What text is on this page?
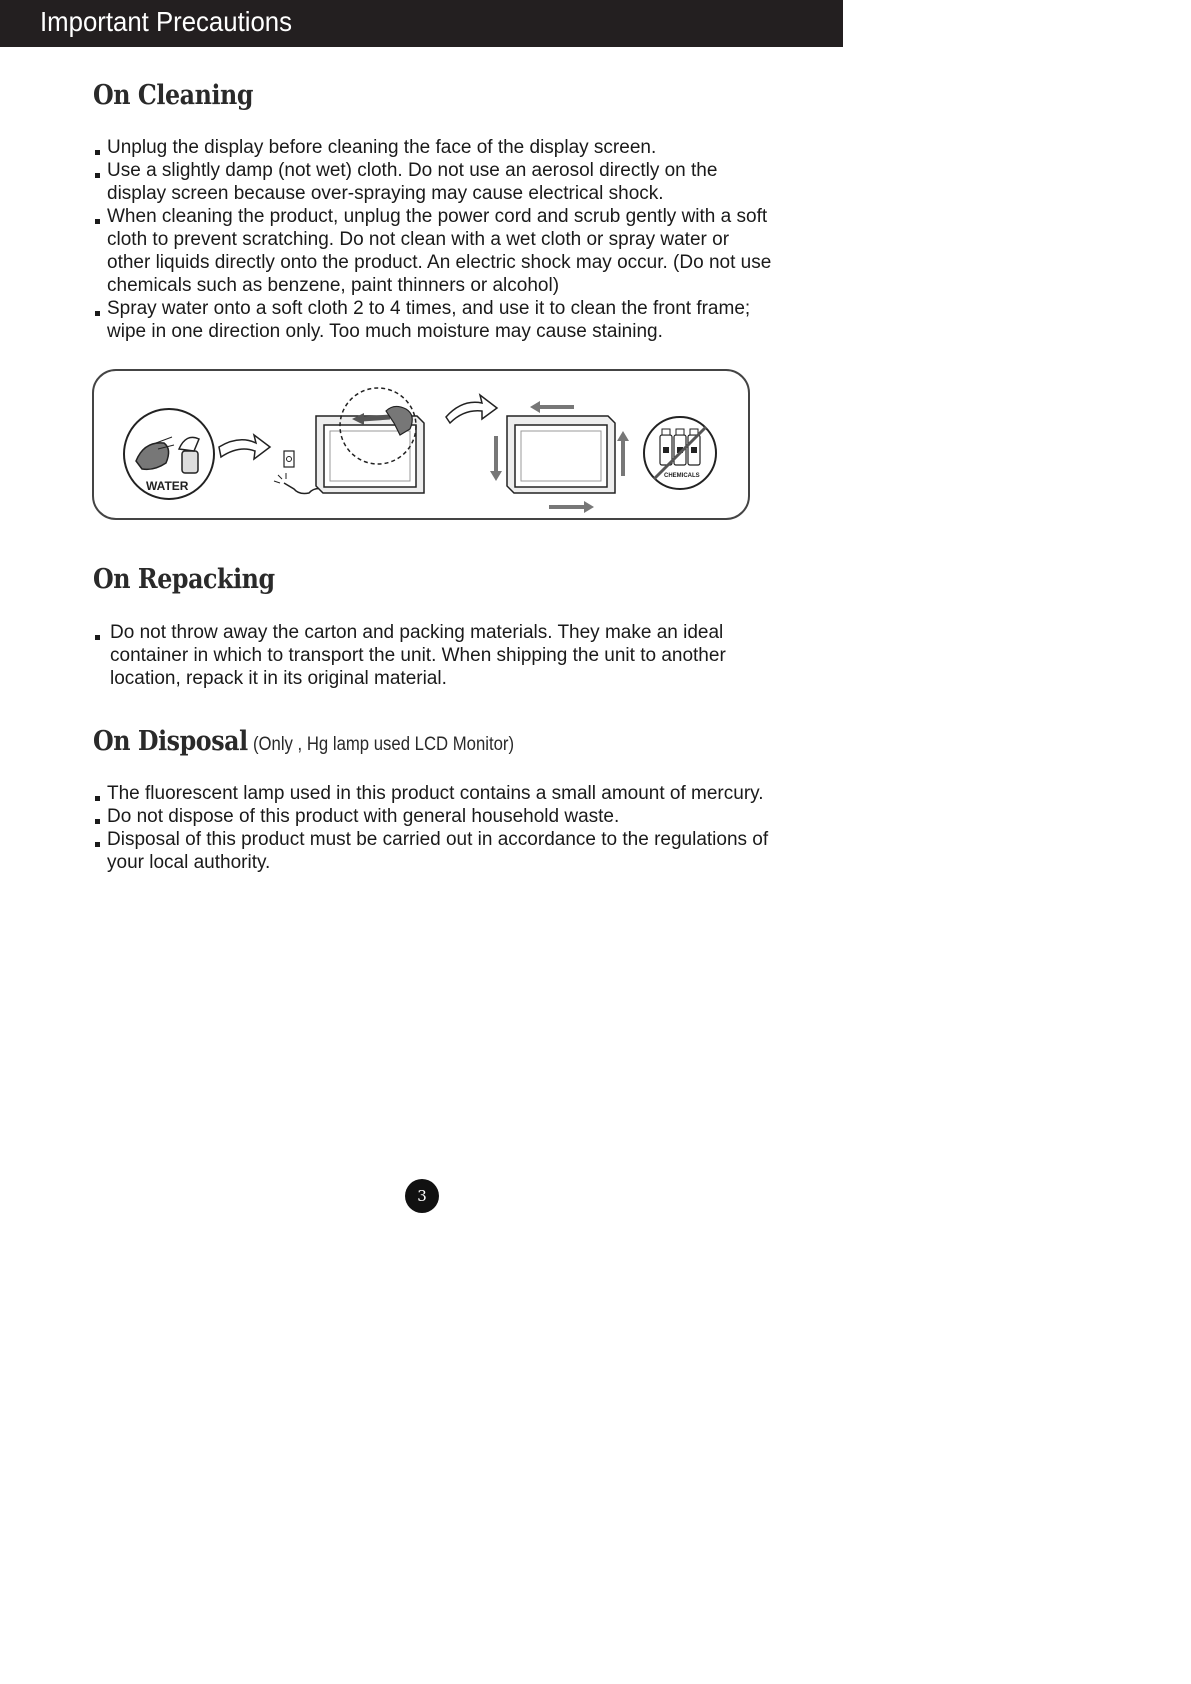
Important Precautions
On Cleaning
Unplug the display before cleaning the face of the display screen.
Use a slightly damp (not wet) cloth. Do not use an aerosol directly on the display screen because over-spraying may cause electrical shock.
When cleaning the product, unplug the power cord and scrub gently with a soft cloth to prevent scratching. Do not clean with a wet cloth or spray water or other liquids directly onto the product. An electric shock may occur. (Do not use chemicals such as benzene, paint thinners or alcohol)
Spray water onto a soft cloth 2 to 4 times, and use it to clean the front frame; wipe in one direction only. Too much moisture may cause staining.
WATER
CHEMICALS
On Repacking
Do not throw away the carton and packing materials. They make an ideal container in which to transport the unit. When shipping the unit to another location, repack it in its original material.
On Disposal (Only , Hg lamp used LCD Monitor)
The fluorescent lamp used in this product contains a small amount of mercury.
Do not dispose of this product with general household waste.
Disposal of this product must be carried out in accordance to the regulations of your local authority.
3
